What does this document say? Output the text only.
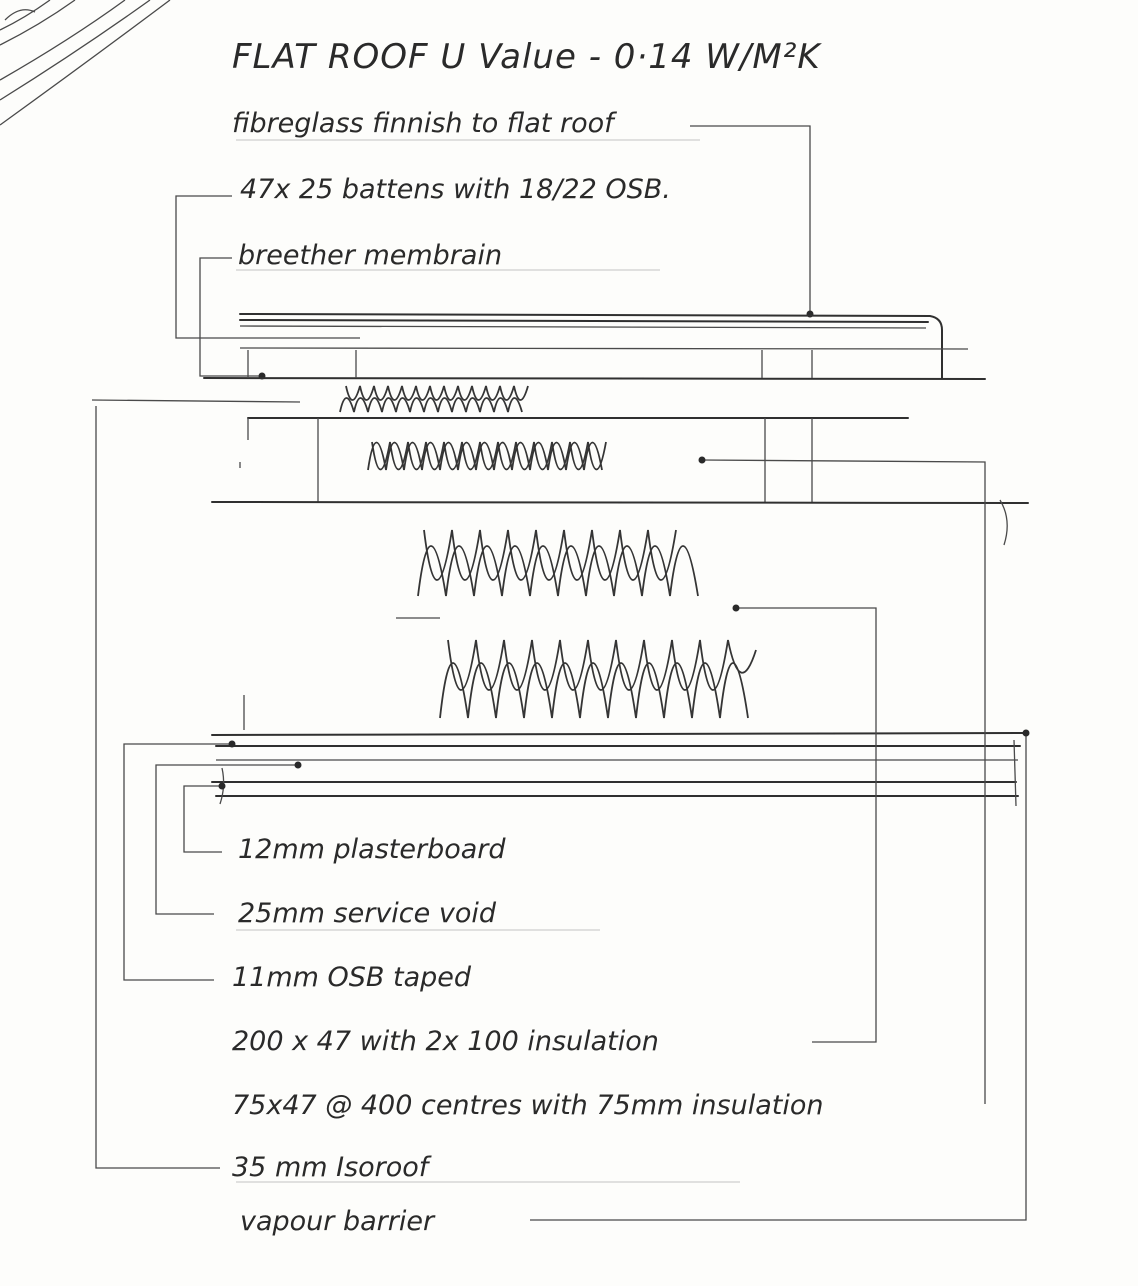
FLAT ROOF U Value - 0·14 W/M²K
fibreglass finnish to flat roof
47x 25 battens with 18/22 OSB.
breether membrain
12mm plasterboard
25mm service void
11mm OSB taped
200 x 47 with 2x 100 insulation
75x47 @ 400 centres with 75mm insulation
35 mm Isoroof
vapour barrier
